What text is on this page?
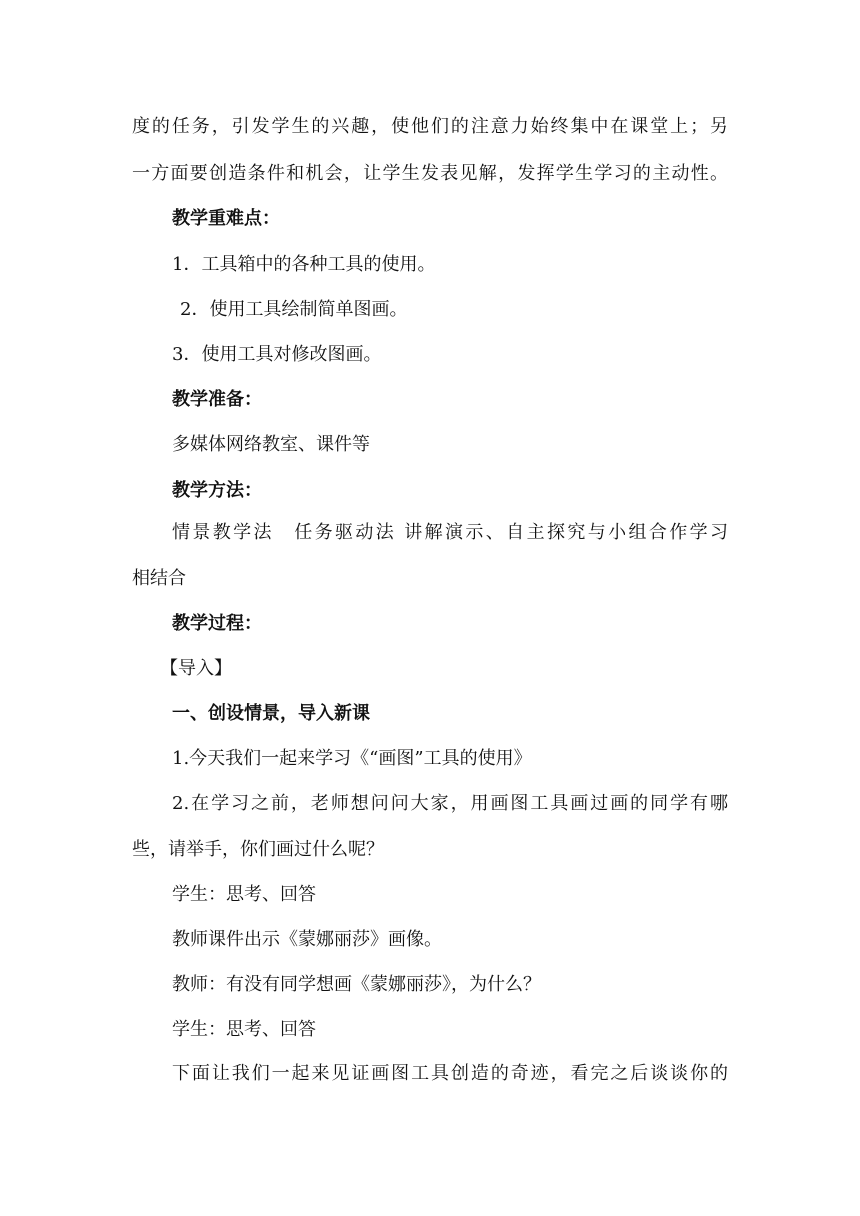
度的任务，引发学生的兴趣，使他们的注意力始终集中在课堂上；另
一方面要创造条件和机会，让学生发表见解，发挥学生学习的主动性。
教学重难点：
1．工具箱中的各种工具的使用。
2．使用工具绘制简单图画。
3．使用工具对修改图画。
教学准备：
多媒体网络教室、课件等
教学方法：
情景教学法　任务驱动法 讲解演示、自主探究与小组合作学习
相结合
教学过程：
【导入】
一、创设情景，导入新课
1.今天我们一起来学习《“画图”工具的使用》
2.在学习之前，老师想问问大家，用画图工具画过画的同学有哪
些，请举手，你们画过什么呢？
学生：思考、回答
教师课件出示《蒙娜丽莎》画像。
教师：有没有同学想画《蒙娜丽莎》，为什么？
学生：思考、回答
下面让我们一起来见证画图工具创造的奇迹，看完之后谈谈你的
